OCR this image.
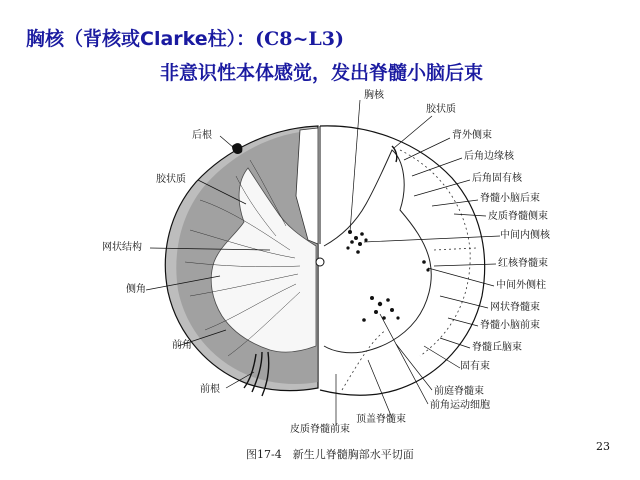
胸核（背核或Clarke柱）：(C8~L3)
非意识性本体感觉，发出脊髓小脑后束
胸核
胶状质
后根	背外侧束
后角边缘核
胶状质	后角固有核
脊髓小脑后束
皮质脊髓侧束
中间内侧核
网状结构
红核脊髓束
侧角	中间外侧柱
网状脊髓束
脊髓小脑前束
前角	脊髓丘脑束
固有束
前根	前庭脊髓束
前角运动细胞
顶盖脊髓束
皮质脊髓前束
图17-4　新生儿脊髓胸部水平切面
23
